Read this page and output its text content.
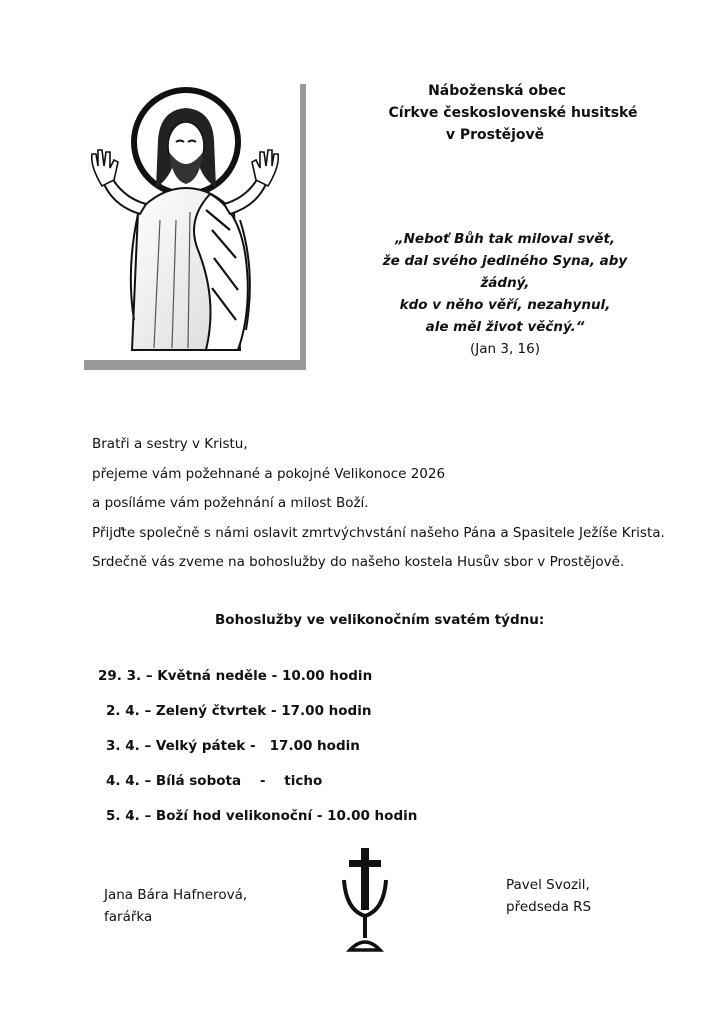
Náboženská obec
Církve československé husitské
v Prostějově
„Neboť Bůh tak miloval svět,
že dal svého jediného Syna, aby žádný,
kdo v něho věří, nezahynul,
ale měl život věčný.“
(Jan 3, 16)

Bratři a sestry v Kristu,

přejeme vám požehnané a pokojné Velikonoce 2026

a posíláme vám požehnání a milost Boží.

Přijďte společně s námi oslavit zmrtvýchvstání našeho Pána a Spasitele Ježíše Krista.

Srdečně vás zveme na bohoslužby do našeho kostela Husův sbor v Prostějově.

Bohoslužby ve velikonočním svatém týdnu:
29. 3. – Květná neděle - 10.00 hodin
2. 4. – Zelený čtvrtek - 17.00 hodin
3. 4. – Velký pátek -   17.00 hodin
4. 4. – Bílá sobota    -    ticho
5. 4. – Boží hod velikonoční - 10.00 hodin
Jana Bára Hafnerová,
farářka
Pavel Svozil,
předseda RS
